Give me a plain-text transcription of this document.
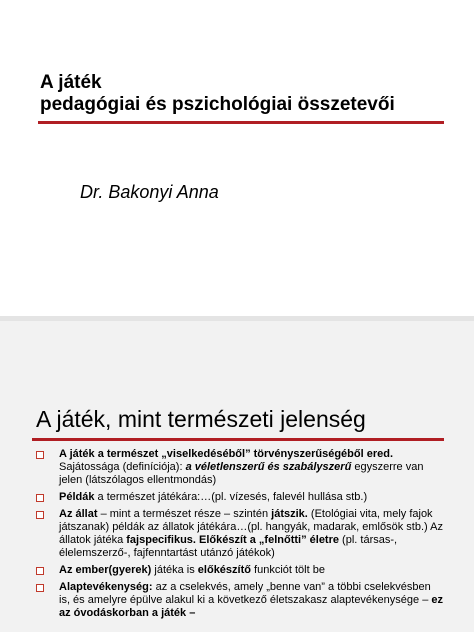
A játék
pedagógiai és pszichológiai összetevői

Dr. Bakonyi Anna

A játék, mint természeti jelenség
A játék a természet „viselkedéséből” törvényszerűségéből ered. Sajátossága (definíciója): a véletlenszerű és szabályszerű egyszerre van jelen (látszólagos ellentmondás)
Példák a természet játékára:…(pl. vízesés, falevél hullása stb.)
Az állat – mint a természet része – szintén játszik. (Etológiai vita, mely fajok játszanak) példák az állatok játékára…(pl. hangyák, madarak, emlősök stb.) Az állatok játéka fajspecifikus. Előkészít a „felnőtti” életre (pl. társas-, élelemszerző-, fajfenntartást utánzó játékok)
Az ember(gyerek) játéka is előkészítő funkciót tölt be
Alaptevékenység: az a cselekvés, amely „benne van” a többi cselekvésben is, és amelyre épülve alakul ki a következő életszakasz alaptevékenysége – ez az óvodáskorban a játék –
